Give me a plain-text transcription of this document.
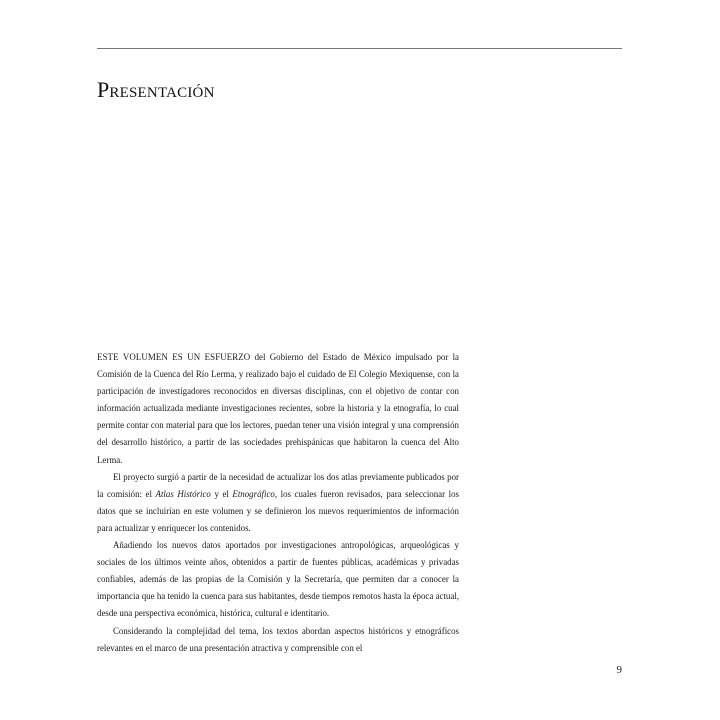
Presentación

ESTE VOLUMEN ES UN ESFUERZO del Gobierno del Estado de México impulsado por la Comisión de la Cuenca del Río Lerma, y realizado bajo el cuidado de El Colegio Mexiquense, con la participación de investigadores reconocidos en diversas disciplinas, con el objetivo de contar con información actualizada mediante investigaciones recientes, sobre la historia y la etnografía, lo cual permite contar con material para que los lectores, puedan tener una visión integral y una comprensión del desarrollo histórico, a partir de las sociedades prehispánicas que habitaron la cuenca del Alto Lerma.

El proyecto surgió a partir de la necesidad de actualizar los dos atlas previamente publicados por la comisión: el Atlas Histórico y el Etnográfico, los cuales fueron revisados, para seleccionar los datos que se incluirían en este volumen y se definieron los nuevos requerimientos de información para actualizar y enriquecer los contenidos.

Añadiendo los nuevos datos aportados por investigaciones antropológicas, arqueológicas y sociales de los últimos veinte años, obtenidos a partir de fuentes públicas, académicas y privadas confiables, además de las propias de la Comisión y la Secretaría, que permiten dar a conocer la importancia que ha tenido la cuenca para sus habitantes, desde tiempos remotos hasta la época actual, desde una perspectiva económica, histórica, cultural e identitario.

Considerando la complejidad del tema, los textos abordan aspectos históricos y etnográficos relevantes en el marco de una presentación atractiva y comprensible con el

9
